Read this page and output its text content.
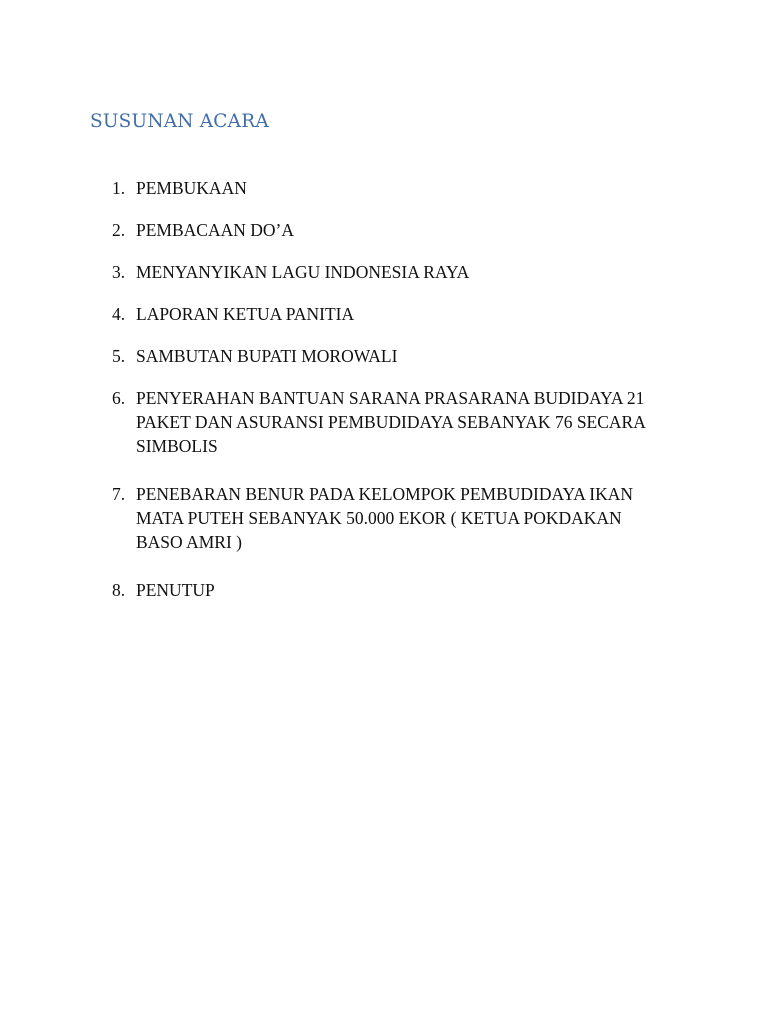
SUSUNAN ACARA
1. PEMBUKAAN
2. PEMBACAAN DO’A
3. MENYANYIKAN LAGU INDONESIA RAYA
4. LAPORAN KETUA PANITIA
5. SAMBUTAN BUPATI MOROWALI
6. PENYERAHAN BANTUAN SARANA PRASARANA BUDIDAYA 21 PAKET DAN ASURANSI PEMBUDIDAYA SEBANYAK 76 SECARA SIMBOLIS
7. PENEBARAN BENUR PADA KELOMPOK PEMBUDIDAYA IKAN MATA PUTEH SEBANYAK 50.000 EKOR ( KETUA POKDAKAN BASO AMRI )
8. PENUTUP
